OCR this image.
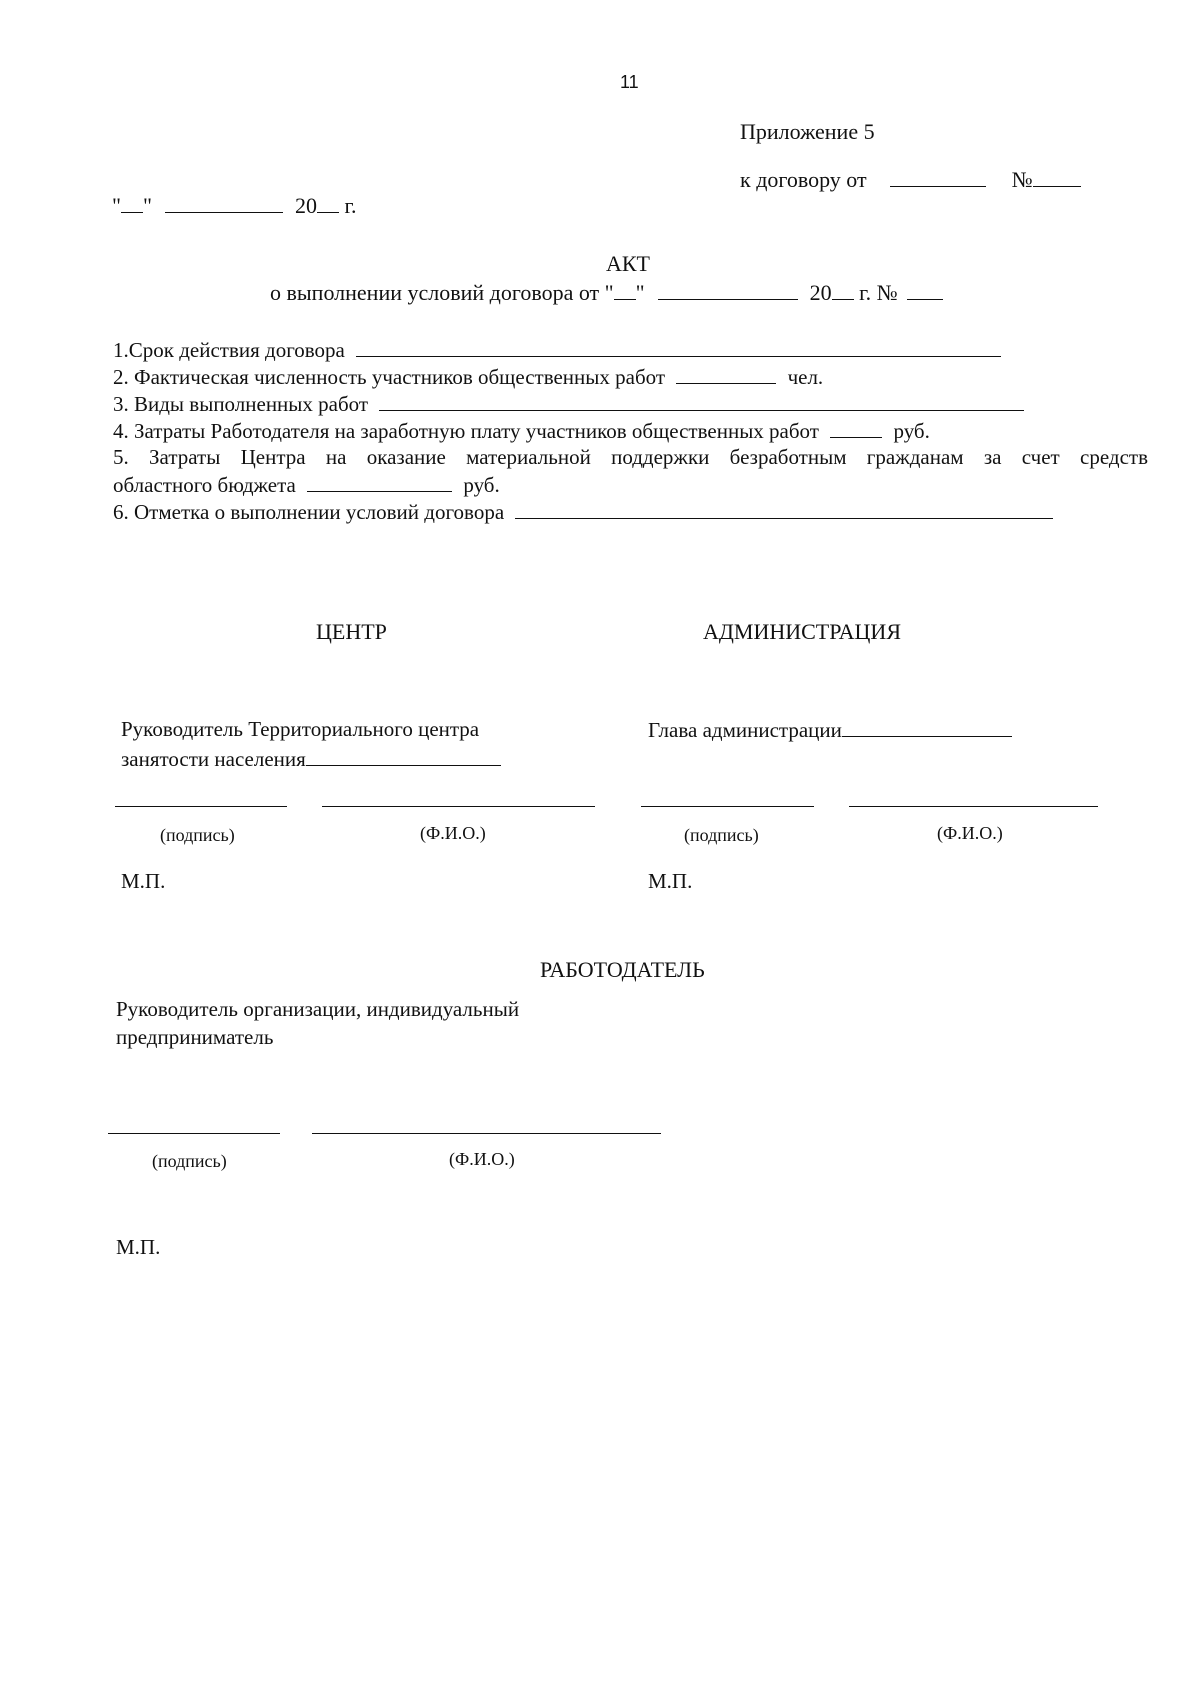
11
Приложение 5
к договору от	№
" "	20 г.
АКТ
о выполнении условий договора от " "	20 г. №
1.Срок действия договора
2. Фактическая численность участников общественных работ	чел.
3. Виды выполненных работ
4. Затраты Работодателя на заработную плату участников общественных работ	руб.
5. Затраты Центра на оказание материальной поддержки безработным гражданам за счет средств
областного бюджета	руб.
6. Отметка о выполнении условий договора
ЦЕНТР	АДМИНИСТРАЦИЯ
Руководитель Территориального центра
занятости населения
Глава администрации
(подпись)	(Ф.И.О.)	(подпись)	(Ф.И.О.)
М.П.	М.П.
РАБОТОДАТЕЛЬ
Руководитель организации, индивидуальный
предприниматель
(подпись)	(Ф.И.О.)
М.П.
